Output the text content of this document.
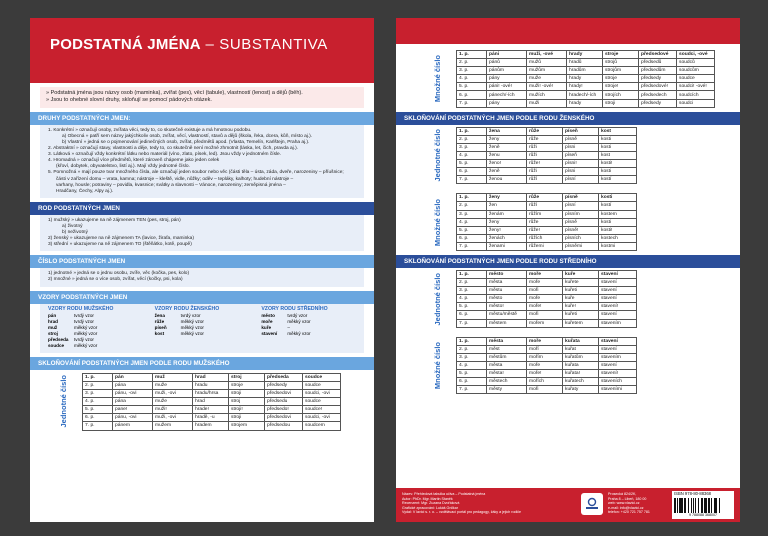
PODSTATNÁ JMÉNA – SUBSTANTIVA
» Podstatná jména jsou názvy osob (maminka), zvířat (pes), věcí (tabule), vlastností (lenost) a dějů (běh).
» Jsou to ohebné slovní druhy, skloňují se pomocí pádových otázek.
DRUHY PODSTATNÝCH JMEN:
1. Konkrétní » označují osoby, zvířata věci, tedy to, co skutečně existuje a má hmotnou podobu.
a) Obecná » patří sem názvy jakýchkoliv osob, zvířat, věcí, vlastností, stavů a dějů (škola, řeka, dcera, kůň, místo aj.).
b) Vlastní » jedná se o pojmenování jedinečných osob, zvířat, předmětů apod. (Vlasta, Temelín, Karlštejn, Praha aj.).
2. Abstraktní » označují stavy, vlastnosti a děje, tedy to, co skutečně není možné zhmotnit (láska, let, čich, pravda aj.).
3. Látková » označují vždy konkrétní látku nebo materiál (víno, zlato, písek, led). Jsou vždy v jednotném čísle.
4. Hromadná » označují více předmětů, které zároveň chápeme jako jeden celek
(křoví, dobytek, obyvatelstvo, listí aj.). Mají vždy jednotné číslo.
5. Pomnožná » mají pouze tvar množného čísla, ale označují jeden soubor nebo věc (části těla – ústa, záda, dveře, narozeniny – příušnice;
části v zařízení domu – vrata, kamna; nástroje – kleště, vidle, nůžky; oděv – tepláky, kalhoty; hudební nástroje –
varhany, housle; potraviny – povidla, kvasnice; svátky a slavnosti – Vánoce, narozeniny; zeměpisná jména –
Hradčany, Čechy, Alpy aj.).
ROD PODSTATNÝCH JMEN
1) mužský » ukazujeme na ně zájmenem TEN (pes, stroj, pán)
a) životný
b) neživotný
2) ženský » ukazujeme na ně zájmenem TA (lavice, žirafa, maminka)
3) střední » ukazujeme na ně zájmenem TO (štěňátko, kotě, poupě)
ČÍSLO PODSTATNÝCH JMEN
1) jednotné » jedná se o jednu osobu, zvíře, věc (kočka, pes, kolo)
2) množné » jedná se o více osob, zvířat, věcí (kočky, psi, kola)
VZORY PODSTATNÝCH JMEN
VZORY RODU MUŽSKÉHO
pán	tvrdý vzor
hrad	tvrdý vzor
muž	měkký vzor
stroj	měkký vzor
předseda	tvrdý vzor
soudce	měkký vzor
VZORY RODU ŽENSKÉHO
žena	tvrdý vzor
růže	měkký vzor
píseň	měkký vzor
kost	měkký vzor
VZORY RODU STŘEDNÍHO
město	tvrdý vzor
moře	měkký vzor
kuře	–
stavení	měkký vzor
SKLOŇOVÁNÍ PODSTATNÝCH JMEN PODLE RODU MUŽSKÉHO
Jednotné číslo	1. p.	pán	muž	hrad	stroj	předseda	soudce
2. p.	pána	muže	hradu	stroje	předsedy	soudce
3. p.	pánu, -ovi	muži, -ovi	hradu/hrsa	stroji	předsedovi	soudci, -ovi
4. p.	pána	muže	hrad	stroj	předsedu	soudce
5. p.	pane!	muži!	hrade!	stroji!	předsedo!	soudce!
6. p.	pánu, -ovi	muži, -ovi	hradě, -u	stroji	předsedovi	soudci, -ovi
7. p.	pánem	mužem	hradem	strojem	předsedou	soudcem
Množné číslo
1. p.	páni	muži, -ové	hrady	stroje	předsedové	soudci, -ové
2. p.	pánů	mužů	hradů	strojů	předsedů	soudců
3. p.	pánům	mužům	hradům	strojům	předsedům	soudcům
4. p.	pány	muže	hrady	stroje	předsedy	soudce
5. p.	páni! -ové!	muži! -ové!	hrady!	stroje!	předsedové!	soudci! -ové!
6. p.	pánech/-ích	mužích	hradech/-ích	strojích	předsedech	soudcích
7. p.	pány	muži	hrady	stroji	předsedy	soudci
SKLOŇOVÁNÍ PODSTATNÝCH JMEN PODLE RODU ŽENSKÉHO
Jednotné číslo	1. p.	žena	růže	píseň	kost
2. p.	ženy	růže	písně	kosti
3. p.	ženě	růži	písni	kosti
4. p.	ženu	růži	píseň	kost
5. p.	ženo!	růže!	písni!	kosti!
6. p.	ženě	růži	písni	kosti
7. p.	ženou	růží	písní	kostí
Množné číslo
1. p.	ženy	růže	písně	kosti
2. p.	žen	růží	písní	kostí
3. p.	ženám	růžím	písním	kostem
4. p.	ženy	růže	písně	kosti
5. p.	ženy!	růže!	písně!	kosti!
6. p.	ženách	růžích	písních	kostech
7. p.	ženami	růžemi	písněmi	kostmi
SKLOŇOVÁNÍ PODSTATNÝCH JMEN PODLE RODU STŘEDNÍHO
Jednotné číslo	1. p.	město	moře	kuře	stavení
2. p.	města	moře	kuřete	stavení
3. p.	městu	moři	kuřeti	stavení
4. p.	město	moře	kuře	stavení
5. p.	město!	moře!	kuře!	stavení!
6. p.	městu/městě	moři	kuřeti	stavení
7. p.	městem	mořem	kuřetem	stavením
Množné číslo
1. p.	města	moře	kuřata	stavení
2. p.	měst	moří	kuřat	stavení
3. p.	městům	mořím	kuřatům	stavením
4. p.	města	moře	kuřata	stavení
5. p.	města!	moře!	kuřata!	stavení!
6. p.	městech	mořích	kuřatech	staveních
7. p.	městy	moři	kuřaty	staveními
Název: Přehledová tabulka učiva – Podstatná jména
Autor: PhDr. Mgr. Martin Staněk
Recenzent: Mgr. Zuzana Dvořáková
Grafické zpracování: Lukáš Gnilkar
Vydal: V lavici s. r. o. – vzdělávací portál pro pedagogy, žáky a jejich rodiče
Prosecká 824/2K,
Praha 8 – Libeň, 180 00
web: www.vlavici.cz
e-mail: info@vlavici.cz
telefon: +420 721 757 781
ISBN 978-80-88368
9 788088 368007
